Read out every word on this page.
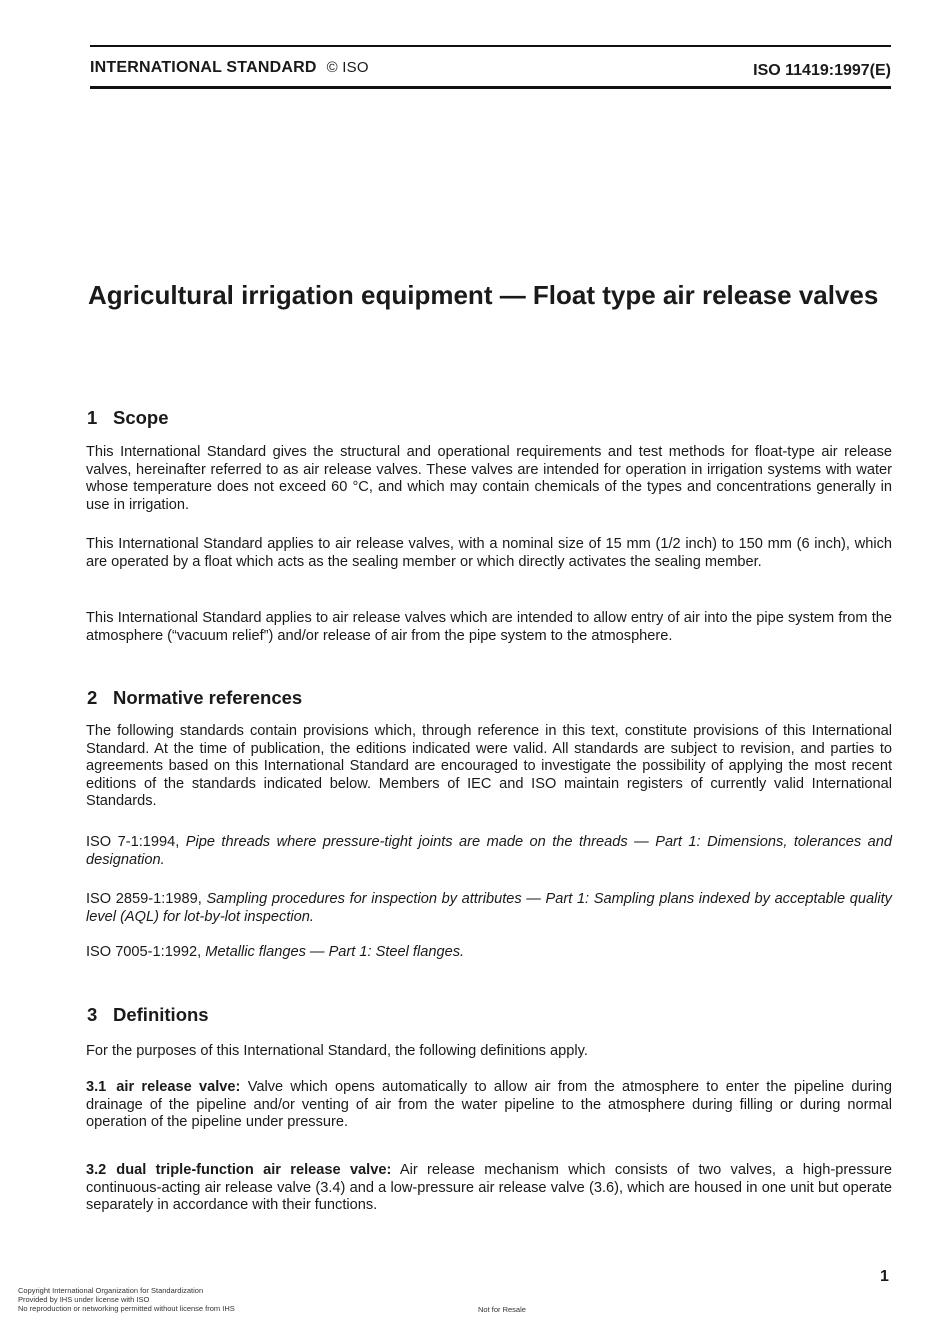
INTERNATIONAL STANDARD © ISO	ISO 11419:1997(E)
Agricultural irrigation equipment — Float type air release valves
1 Scope

This International Standard gives the structural and operational requirements and test methods for float-type air release valves, hereinafter referred to as air release valves. These valves are intended for operation in irrigation systems with water whose temperature does not exceed 60 °C, and which may contain chemicals of the types and concentrations generally in use in irrigation.

This International Standard applies to air release valves, with a nominal size of 15 mm (1/2 inch) to 150 mm (6 inch), which are operated by a float which acts as the sealing member or which directly activates the sealing member.

This International Standard applies to air release valves which are intended to allow entry of air into the pipe system from the atmosphere (“vacuum relief”) and/or release of air from the pipe system to the atmosphere.

2 Normative references

The following standards contain provisions which, through reference in this text, constitute provisions of this International Standard. At the time of publication, the editions indicated were valid. All standards are subject to revision, and parties to agreements based on this International Standard are encouraged to investigate the possibility of applying the most recent editions of the standards indicated below. Members of IEC and ISO maintain registers of currently valid International Standards.

ISO 7-1:1994, Pipe threads where pressure-tight joints are made on the threads — Part 1: Dimensions, tolerances and designation.

ISO 2859-1:1989, Sampling procedures for inspection by attributes — Part 1: Sampling plans indexed by acceptable quality level (AQL) for lot-by-lot inspection.

ISO 7005-1:1992, Metallic flanges — Part 1: Steel flanges.

3 Definitions

For the purposes of this International Standard, the following definitions apply.

3.1 air release valve: Valve which opens automatically to allow air from the atmosphere to enter the pipeline during drainage of the pipeline and/or venting of air from the water pipeline to the atmosphere during filling or during normal operation of the pipeline under pressure.

3.2 dual triple-function air release valve: Air release mechanism which consists of two valves, a high-pressure continuous-acting air release valve (3.4) and a low-pressure air release valve (3.6), which are housed in one unit but operate separately in accordance with their functions.

1
Copyright International Organization for Standardization
Provided by IHS under license with ISO
No reproduction or networking permitted without license from IHS	Not for Resale
